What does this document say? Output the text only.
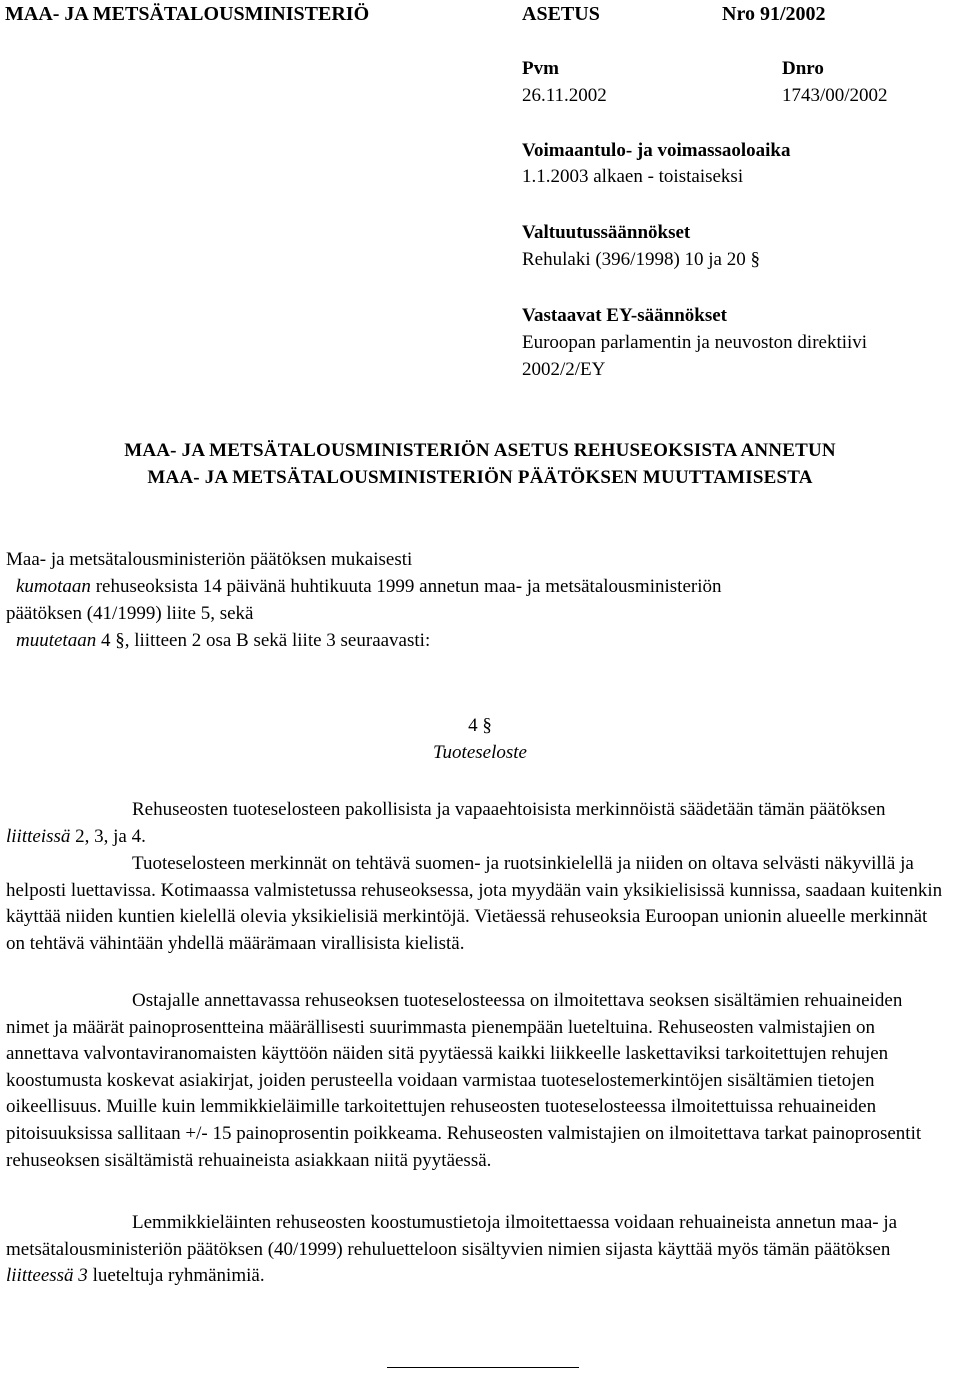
MAA- JA METSÄTALOUSMINISTERIÖ	ASETUS	Nro 91/2002
Pvm	Dnro
26.11.2002	1743/00/2002
Voimaantulo- ja voimassaoloaika
1.1.2003 alkaen - toistaiseksi
Valtuutussäännökset
Rehulaki (396/1998) 10 ja 20 §
Vastaavat EY-säännökset
Euroopan parlamentin ja neuvoston direktiivi
2002/2/EY
MAA- JA METSÄTALOUSMINISTERIÖN ASETUS REHUSEOKSISTA ANNETUN
MAA- JA METSÄTALOUSMINISTERIÖN PÄÄTÖKSEN MUUTTAMISESTA
Maa- ja metsätalousministeriön päätöksen mukaisesti
kumotaan rehuseoksista 14 päivänä huhtikuuta 1999 annetun maa- ja metsätalousministeriön
päätöksen (41/1999) liite 5, sekä
muutetaan 4 §, liitteen 2 osa B sekä liite 3 seuraavasti:
4 §
Tuoteseloste
Rehuseosten tuoteselosteen pakollisista ja vapaaehtoisista merkinnöistä säädetään tämän päätöksen liitteissä 2, 3, ja 4.
Tuoteselosteen merkinnät on tehtävä suomen- ja ruotsinkielellä ja niiden on oltava selvästi näkyvillä ja helposti luettavissa. Kotimaassa valmistetussa rehuseoksessa, jota myydään vain yksikielisissä kunnissa, saadaan kuitenkin käyttää niiden kuntien kielellä olevia yksikielisiä merkintöjä. Vietäessä rehuseoksia Euroopan unionin alueelle merkinnät on tehtävä vähintään yhdellä määrämaan virallisista kielistä.
Ostajalle annettavassa rehuseoksen tuoteselosteessa on ilmoitettava seoksen sisältämien rehuaineiden nimet ja määrät painoprosentteina määrällisesti suurimmasta pienempään lueteltuina. Rehuseosten valmistajien on annettava valvontaviranomaisten käyttöön näiden sitä pyytäessä kaikki liikkeelle laskettaviksi tarkoitettujen rehujen koostumusta koskevat asiakirjat, joiden perusteella voidaan varmistaa tuoteselostemerkintöjen sisältämien tietojen oikeellisuus. Muille kuin lemmikkieläimille tarkoitettujen rehuseosten tuoteselosteessa ilmoitettuissa rehuaineiden pitoisuuksissa sallitaan +/- 15 painoprosentin poikkeama. Rehuseosten valmistajien on ilmoitettava tarkat painoprosentit rehuseoksen sisältämistä rehuaineista asiakkaan niitä pyytäessä.
Lemmikkieläinten rehuseosten koostumustietoja ilmoitettaessa voidaan rehuaineista annetun maa- ja metsätalousministeriön päätöksen (40/1999) rehuluetteloon sisältyvien nimien sijasta käyttää myös tämän päätöksen liitteessä 3 lueteltuja ryhmänimiä.
